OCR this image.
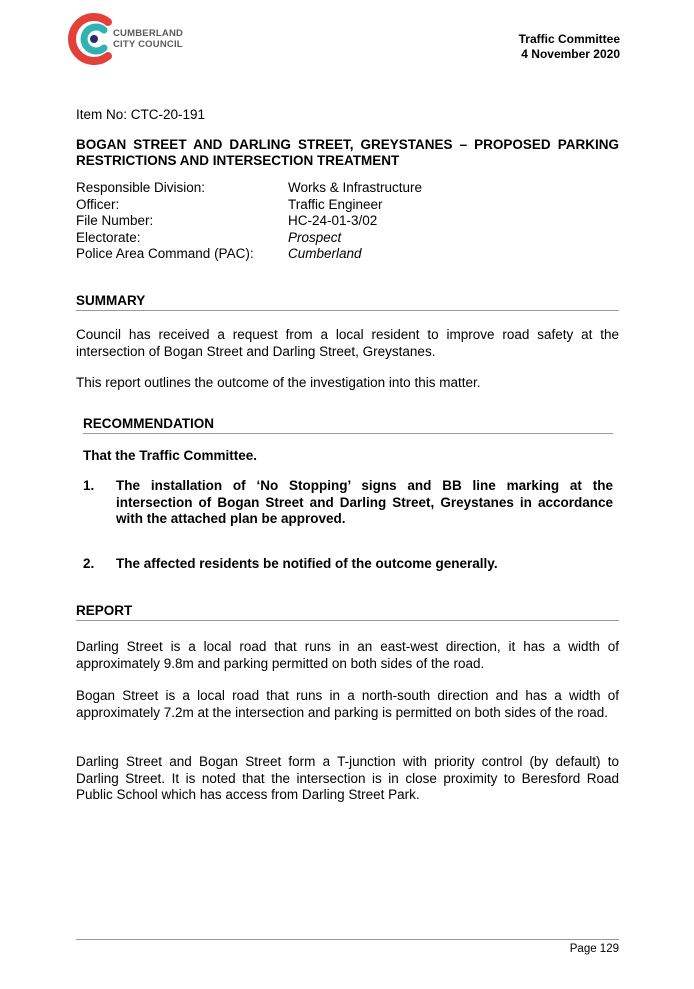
CUMBERLAND
CITY COUNCIL	Traffic Committee
4 November 2020
Item No: CTC-20-191
BOGAN STREET AND DARLING STREET, GREYSTANES – PROPOSED PARKING RESTRICTIONS AND INTERSECTION TREATMENT
Responsible Division:	Works & Infrastructure
Officer:	Traffic Engineer
File Number:	HC-24-01-3/02
Electorate:	Prospect
Police Area Command (PAC):	Cumberland
SUMMARY
Council has received a request from a local resident to improve road safety at the intersection of Bogan Street and Darling Street, Greystanes.
This report outlines the outcome of the investigation into this matter.
RECOMMENDATION
That the Traffic Committee.
1.	The installation of ‘No Stopping’ signs and BB line marking at the intersection of Bogan Street and Darling Street, Greystanes in accordance with the attached plan be approved.
2.	The affected residents be notified of the outcome generally.
REPORT
Darling Street is a local road that runs in an east-west direction, it has a width of approximately 9.8m and parking permitted on both sides of the road.
Bogan Street is a local road that runs in a north-south direction and has a width of approximately 7.2m at the intersection and parking is permitted on both sides of the road.
Darling Street and Bogan Street form a T-junction with priority control (by default) to Darling Street. It is noted that the intersection is in close proximity to Beresford Road Public School which has access from Darling Street Park.
Page 129
